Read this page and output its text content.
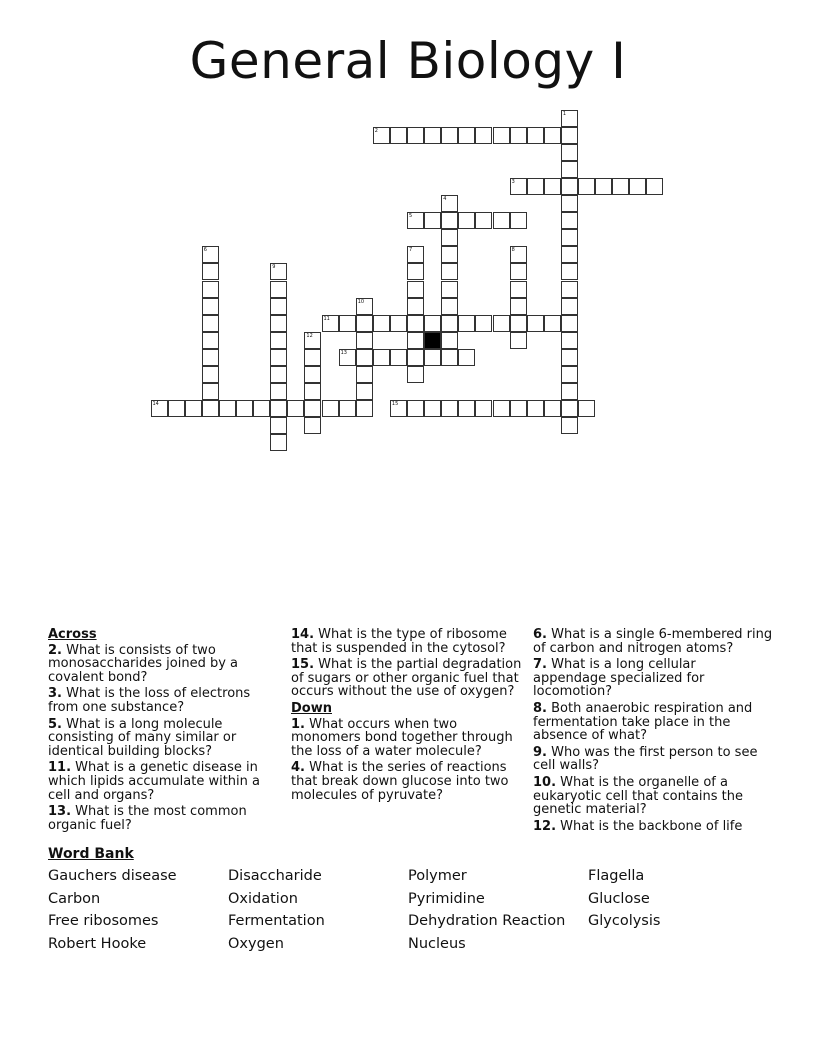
General Biology I
1
2
3
4
5
6	7	8
9
10
11
12
13
14	15
Across
2. What is consists of two monosaccharides joined by a covalent bond?
3. What is the loss of electrons from one substance?
5. What is a long molecule consisting of many similar or identical building blocks?
11. What is a genetic disease in which lipids accumulate within a cell and organs?
13. What is the most common organic fuel?
14. What is the type of ribosome that is suspended in the cytosol?
15. What is the partial degradation of sugars or other organic fuel that occurs without the use of oxygen?
Down
1. What occurs when two monomers bond together through the loss of a water molecule?
4. What is the series of reactions that break down glucose into two molecules of pyruvate?
6. What is a single 6-membered ring of carbon and nitrogen atoms?
7. What is a long cellular appendage specialized for locomotion?
8. Both anaerobic respiration and fermentation take place in the absence of what?
9. Who was the first person to see cell walls?
10. What is the organelle of a eukaryotic cell that contains the genetic material?
12. What is the backbone of life
Word Bank
Gauchers disease	Disaccharide	Polymer	Flagella
Carbon	Oxidation	Pyrimidine	Gluclose
Free ribosomes	Fermentation	Dehydration Reaction	Glycolysis
Robert Hooke	Oxygen	Nucleus
